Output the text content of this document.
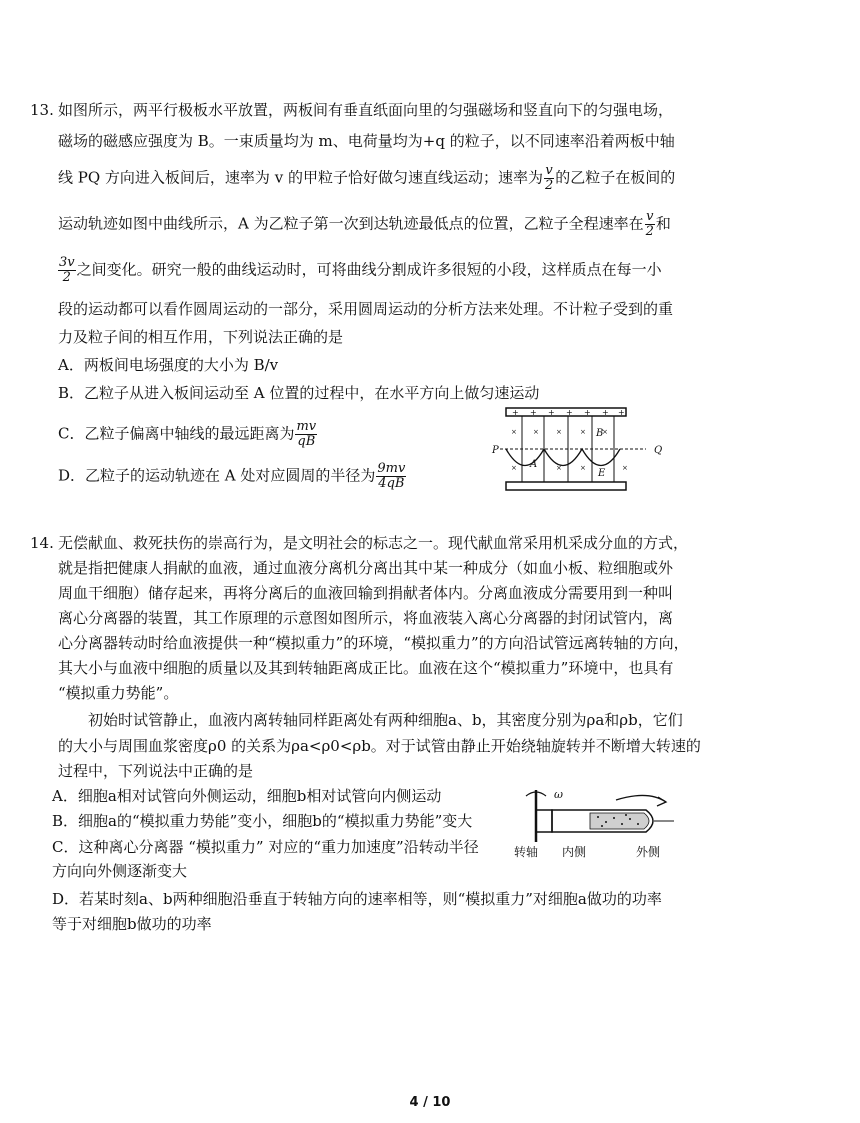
13. 如图所示，两平行极板水平放置，两板间有垂直纸面向里的匀强磁场和竖直向下的匀强电场，
磁场的磁感应强度为 B。一束质量均为 m、电荷量均为+q 的粒子，以不同速率沿着两板中轴
线 PQ 方向进入板间后，速率为 v 的甲粒子恰好做匀速直线运动；速率为 $\frac{v}{2}$ 的乙粒子在板间的
运动轨迹如图中曲线所示，A 为乙粒子第一次到达轨迹最低点的位置，乙粒子全程速率在 $\frac{v}{2}$ 和
$\frac{3v}{2}$ 之间变化。研究一般的曲线运动时，可将曲线分割成许多很短的小段，这样质点在每一小
段的运动都可以看作圆周运动的一部分，采用圆周运动的分析方法来处理。不计粒子受到的重
力及粒子间的相互作用，下列说法正确的是
A．两板间电场强度的大小为 B/v
B．乙粒子从进入板间运动至 A 位置的过程中，在水平方向上做匀速运动
C．乙粒子偏离中轴线的最远距离为 $\frac{mv}{qB}$
D．乙粒子的运动轨迹在 A 处对应圆周的半径为 $\frac{9mv}{4qB}$
+ + + + + + +
× × ×	× ×
×	×	×	×
P	Q
A
B
E
14. 无偿献血、救死扶伤的崇高行为，是文明社会的标志之一。现代献血常采用机采成分血的方式，
就是指把健康人捐献的血液，通过血液分离机分离出其中某一种成分（如血小板、粒细胞或外
周血干细胞）储存起来，再将分离后的血液回输到捐献者体内。分离血液成分需要用到一种叫
离心分离器的装置，其工作原理的示意图如图所示，将血液装入离心分离器的封闭试管内，离
心分离器转动时给血液提供一种“模拟重力”的环境，“模拟重力”的方向沿试管远离转轴的方向，
其大小与血液中细胞的质量以及其到转轴距离成正比。血液在这个“模拟重力”环境中，也具有
“模拟重力势能”。
初始时试管静止，血液内离转轴同样距离处有两种细胞a、b，其密度分别为ρa和ρb，它们
的大小与周围血浆密度ρ0 的关系为ρa<ρ0<ρb。对于试管由静止开始绕轴旋转并不断增大转速的
过程中，下列说法中正确的是
A．细胞a相对试管向外侧运动，细胞b相对试管向内侧运动
B．细胞a的“模拟重力势能”变小，细胞b的“模拟重力势能”变大
C．这种离心分离器 “模拟重力” 对应的“重力加速度”沿转动半径
方向向外侧逐渐变大
D．若某时刻a、b两种细胞沿垂直于转轴方向的速率相等，则“模拟重力”对细胞a做功的功率
等于对细胞b做功的功率
ω
转轴 内侧	外侧
4 / 10
